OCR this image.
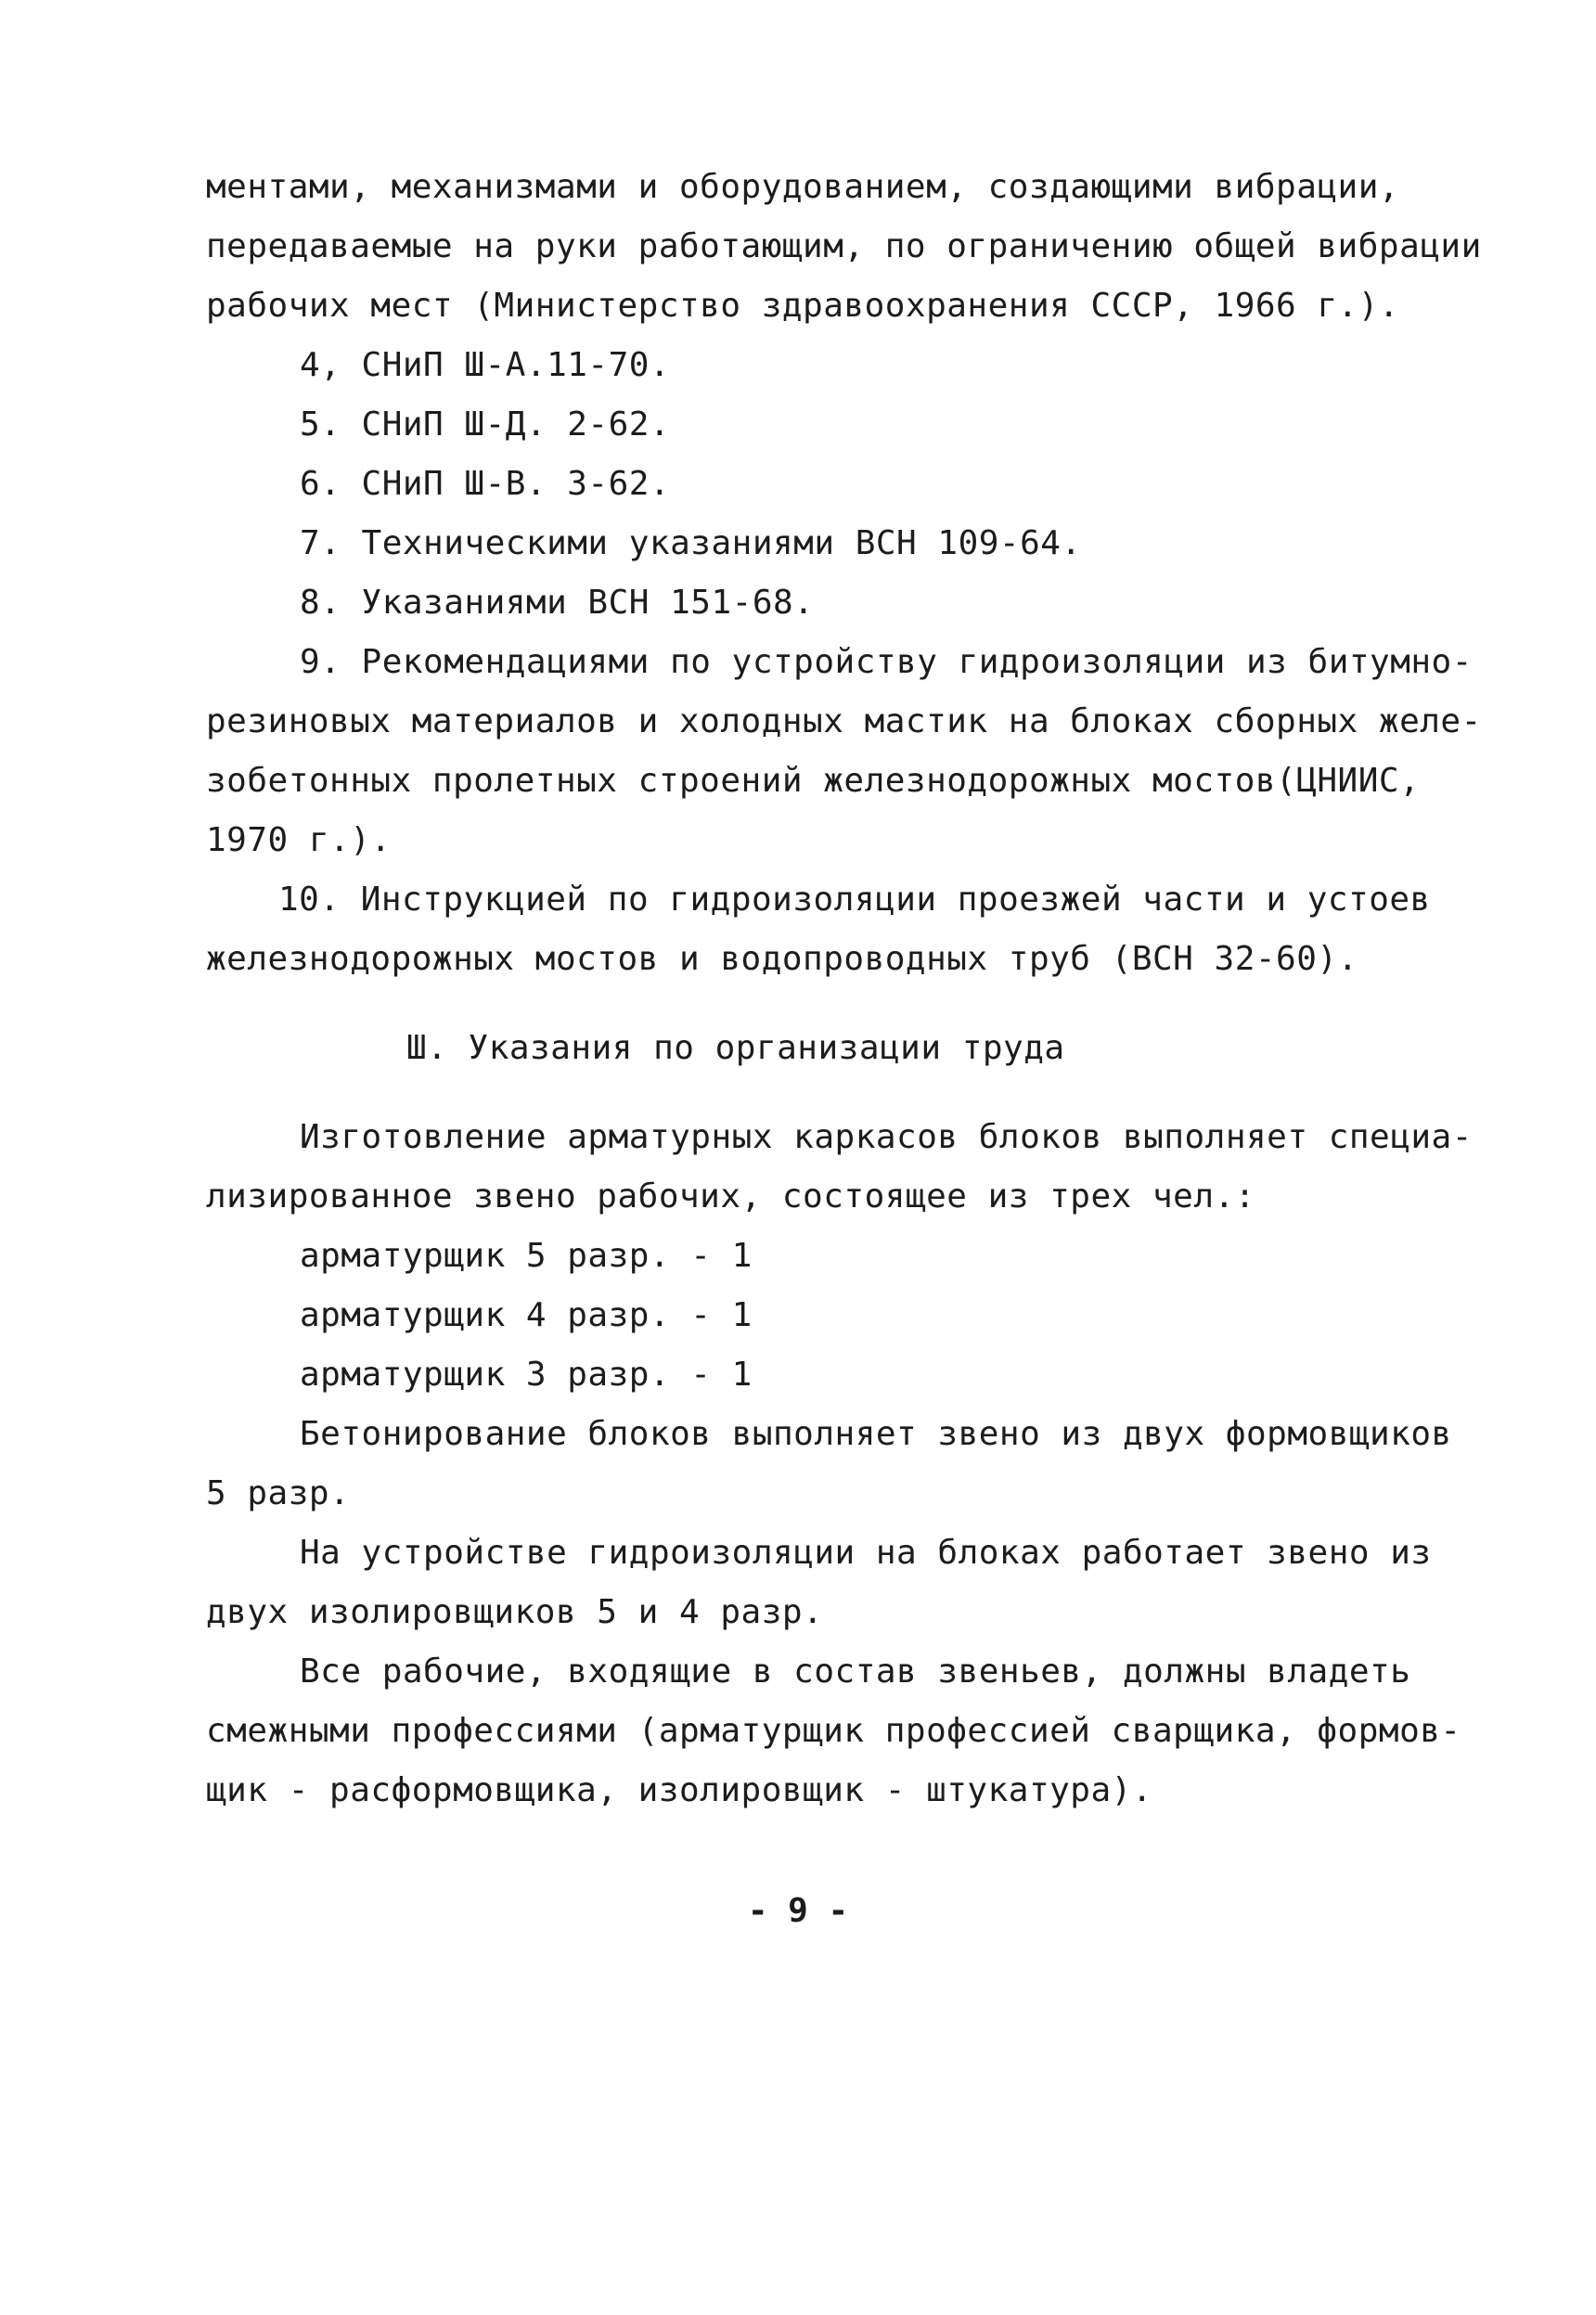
ментами, механизмами и оборудованием, создающими вибрации,
передаваемые на руки работающим, по ограничению общей вибрации
рабочих мест (Министерство здравоохранения СССР, 1966 г.).
4, СНиП Ш-А.11-70.
5. СНиП Ш-Д. 2-62.
6. СНиП Ш-В. 3-62.
7. Техническими указаниями ВСН 109-64.
8. Указаниями ВСН 151-68.
9. Рекомендациями по устройству гидроизоляции из битумно-
резиновых материалов и холодных мастик на блоках сборных желе-
зобетонных пролетных строений железнодорожных мостов(ЦНИИС,
1970 г.).
10. Инструкцией по гидроизоляции проезжей части и устоев
железнодорожных мостов и водопроводных труб (ВСН 32-60).
Ш. Указания по организации труда
Изготовление арматурных каркасов блоков выполняет специа-
лизированное звено рабочих, состоящее из трех чел.:
арматурщик 5 разр. - 1
арматурщик 4 разр. - 1
арматурщик 3 разр. - 1
Бетонирование блоков выполняет звено из двух формовщиков
5 разр.
На устройстве гидроизоляции на блоках работает звено из
двух изолировщиков 5 и 4 разр.
Все рабочие, входящие в состав звеньев, должны владеть
смежными профессиями (арматурщик профессией сварщика, формов-
щик - расформовщика, изолировщик - штукатура).
- 9 -
